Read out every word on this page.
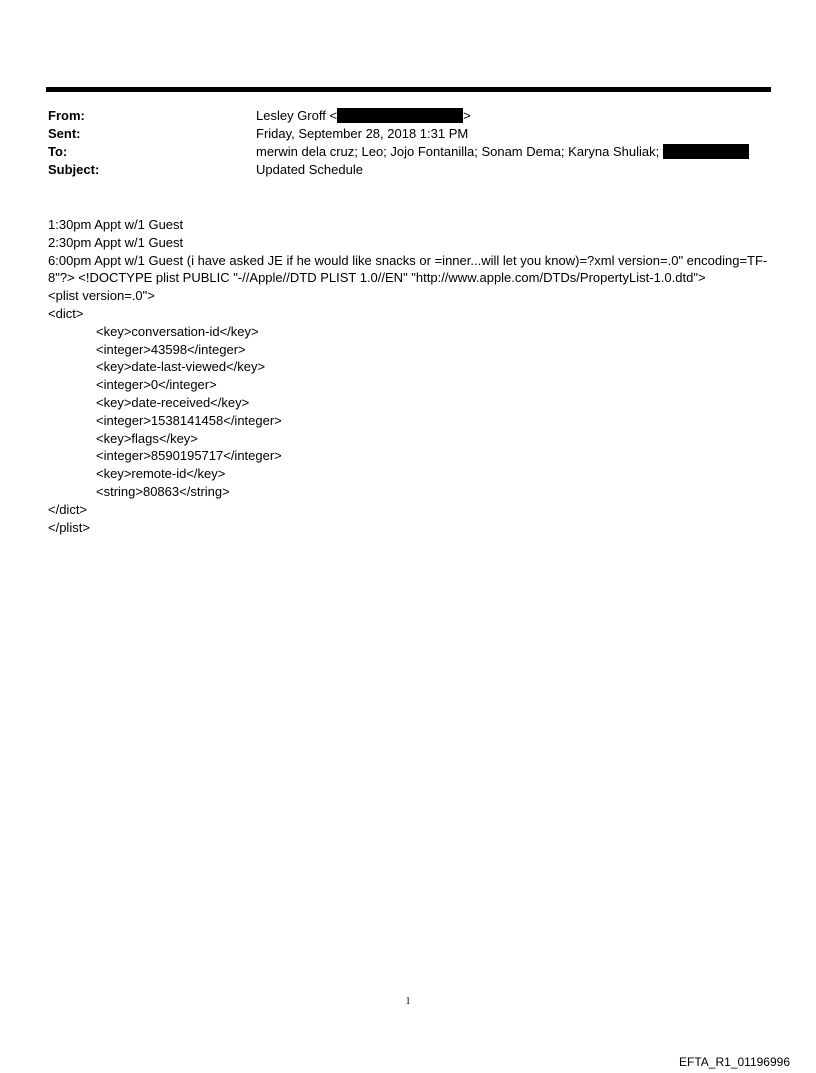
From:	Lesley Groff <	>
Sent:	Friday, September 28, 2018 1:31 PM
To:	merwin dela cruz; Leo; Jojo Fontanilla; Sonam Dema; Karyna Shuliak;
Subject:	Updated Schedule
1:30pm Appt w/1 Guest
2:30pm Appt w/1 Guest
6:00pm Appt w/1 Guest (i have asked JE if he would like snacks or =inner...will let you know)=?xml version=.0" encoding=TF-8"?> <!DOCTYPE plist PUBLIC "-//Apple//DTD PLIST 1.0//EN" "http://www.apple.com/DTDs/PropertyList-1.0.dtd">
<plist version=.0">
<dict>
<key>conversation-id</key>
<integer>43598</integer>
<key>date-last-viewed</key>
<integer>0</integer>
<key>date-received</key>
<integer>1538141458</integer>
<key>flags</key>
<integer>8590195717</integer>
<key>remote-id</key>
<string>80863</string>
</dict>
</plist>
1
EFTA_R1_01196996
